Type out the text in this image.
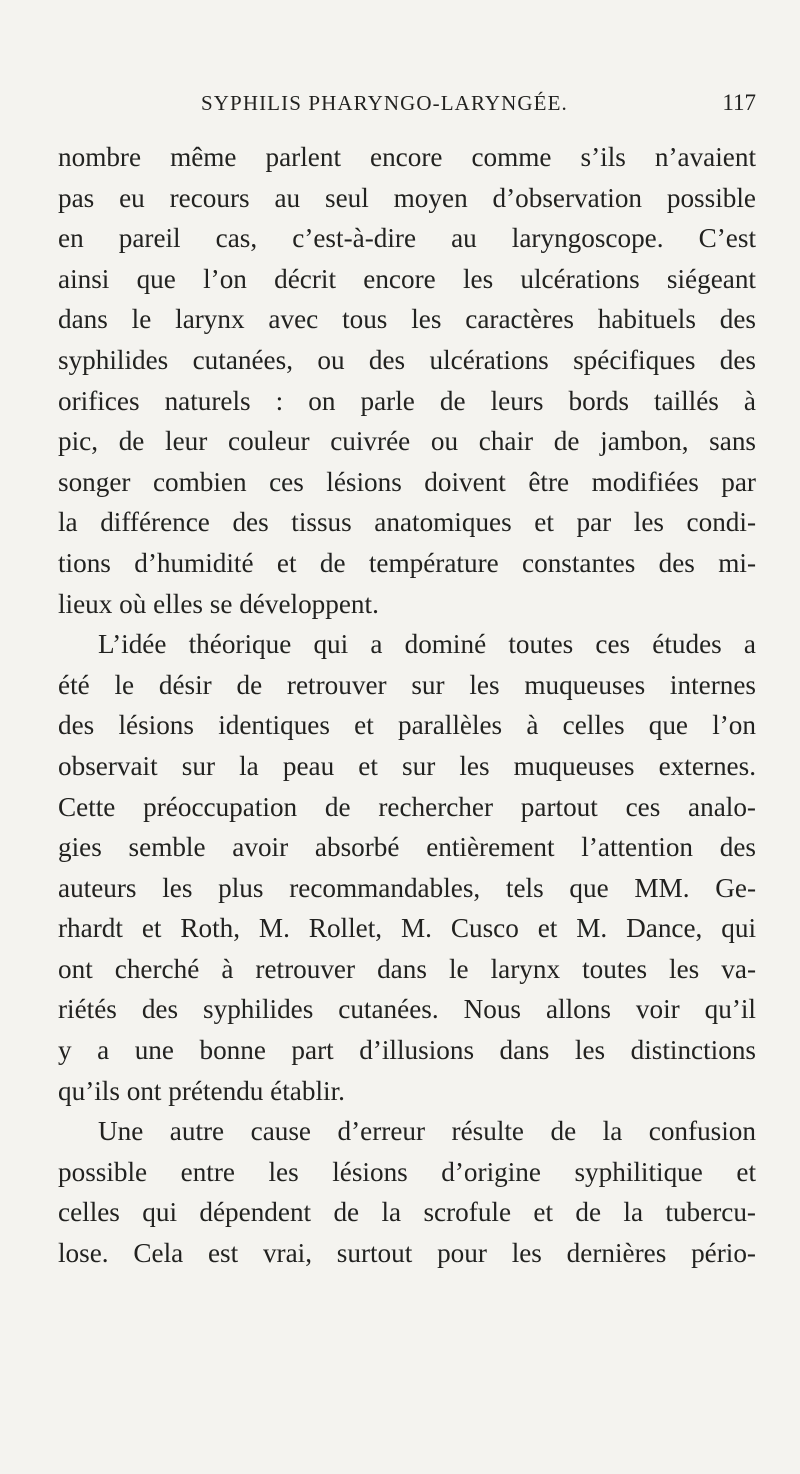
SYPHILIS PHARYNGO-LARYNGÉE.	117
nombre même parlent encore comme s’ils n’avaient
pas eu recours au seul moyen d’observation possible
en pareil cas, c’est-à-dire au laryngoscope. C’est
ainsi que l’on décrit encore les ulcérations siégeant
dans le larynx avec tous les caractères habituels des
syphilides cutanées, ou des ulcérations spécifiques des
orifices naturels : on parle de leurs bords taillés à
pic, de leur couleur cuivrée ou chair de jambon, sans
songer combien ces lésions doivent être modifiées par
la différence des tissus anatomiques et par les condi-
tions d’humidité et de température constantes des mi-
lieux où elles se développent.
L’idée théorique qui a dominé toutes ces études a
été le désir de retrouver sur les muqueuses internes
des lésions identiques et parallèles à celles que l’on
observait sur la peau et sur les muqueuses externes.
Cette préoccupation de rechercher partout ces analo-
gies semble avoir absorbé entièrement l’attention des
auteurs les plus recommandables, tels que MM. Ge-
rhardt et Roth, M. Rollet, M. Cusco et M. Dance, qui
ont cherché à retrouver dans le larynx toutes les va-
riétés des syphilides cutanées. Nous allons voir qu’il
y a une bonne part d’illusions dans les distinctions
qu’ils ont prétendu établir.
Une autre cause d’erreur résulte de la confusion
possible entre les lésions d’origine syphilitique et
celles qui dépendent de la scrofule et de la tubercu-
lose. Cela est vrai, surtout pour les dernières pério-
